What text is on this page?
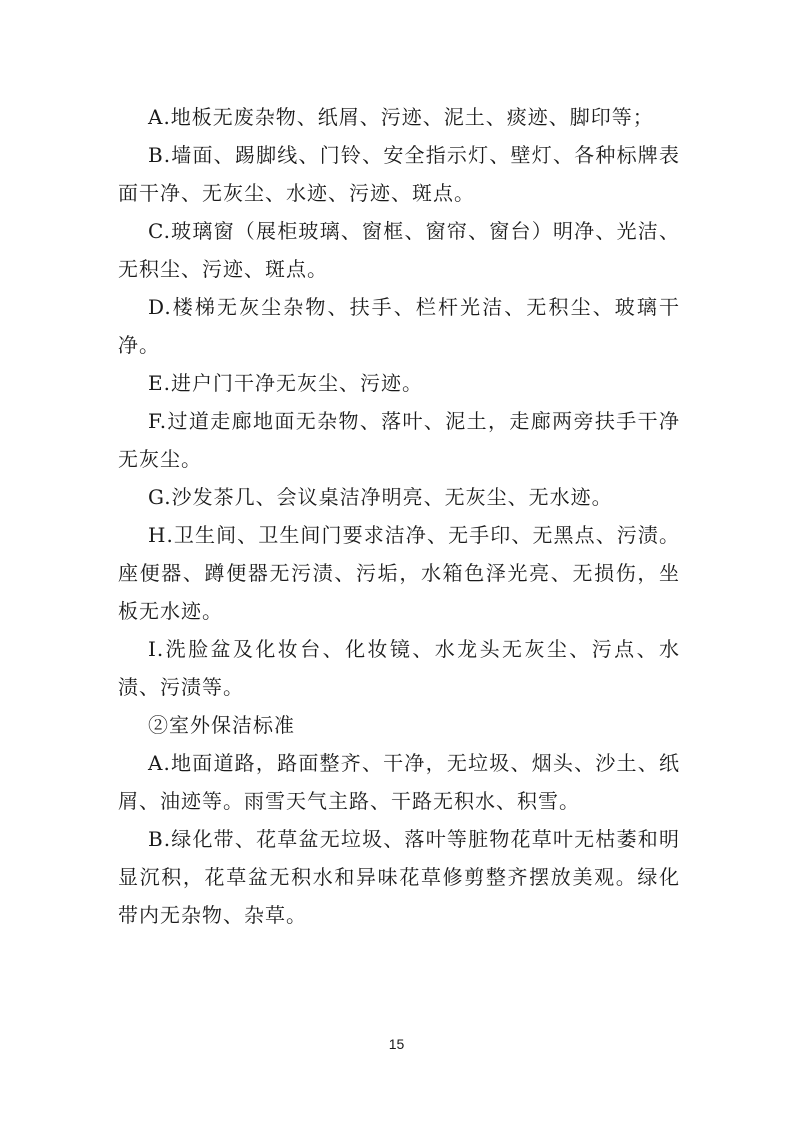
A.地板无废杂物、纸屑、污迹、泥土、痰迹、脚印等；

B.墙面、踢脚线、门铃、安全指示灯、壁灯、各种标牌表面干净、无灰尘、水迹、污迹、斑点。

C.玻璃窗（展柜玻璃、窗框、窗帘、窗台）明净、光洁、无积尘、污迹、斑点。

D.楼梯无灰尘杂物、扶手、栏杆光洁、无积尘、玻璃干净。

E.进户门干净无灰尘、污迹。

F.过道走廊地面无杂物、落叶、泥土，走廊两旁扶手干净无灰尘。

G.沙发茶几、会议桌洁净明亮、无灰尘、无水迹。

H.卫生间、卫生间门要求洁净、无手印、无黑点、污渍。座便器、蹲便器无污渍、污垢，水箱色泽光亮、无损伤，坐板无水迹。

I.洗脸盆及化妆台、化妆镜、水龙头无灰尘、污点、水渍、污渍等。

②室外保洁标准

A.地面道路，路面整齐、干净，无垃圾、烟头、沙土、纸屑、油迹等。雨雪天气主路、干路无积水、积雪。

B.绿化带、花草盆无垃圾、落叶等脏物花草叶无枯萎和明显沉积，花草盆无积水和异味花草修剪整齐摆放美观。绿化带内无杂物、杂草。

15
